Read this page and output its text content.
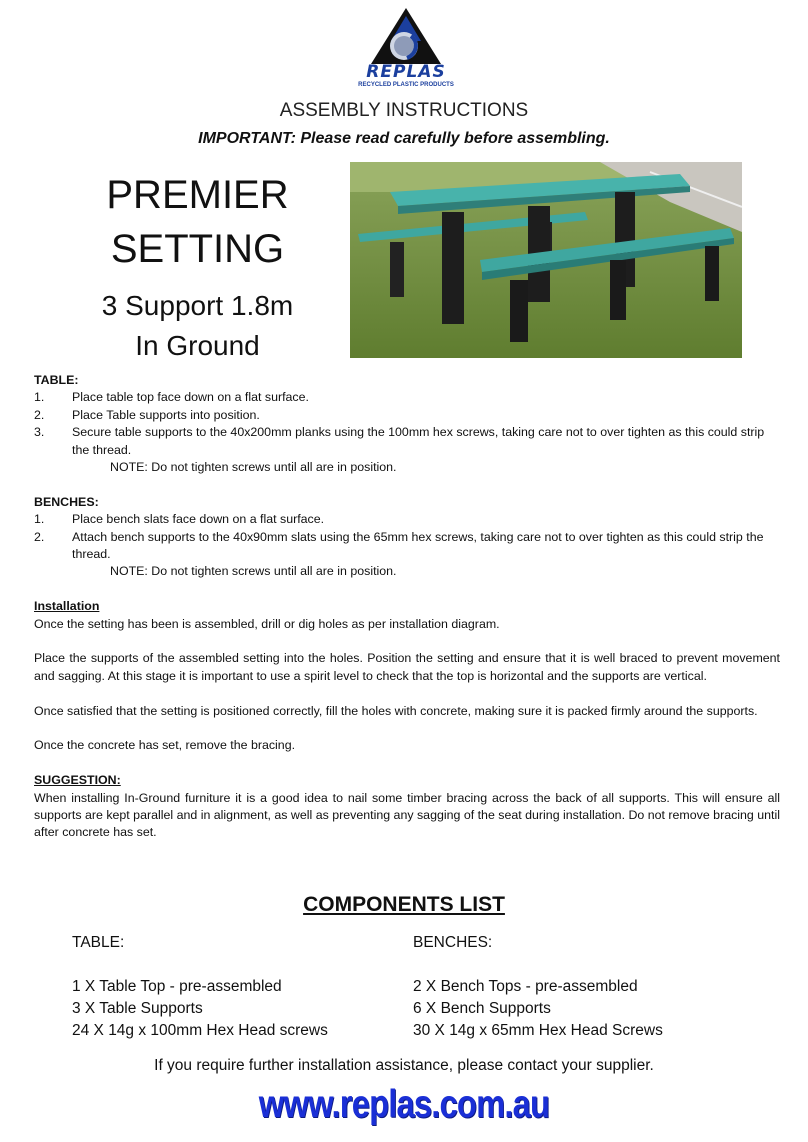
REPLAS
RECYCLED PLASTIC PRODUCTS
ASSEMBLY INSTRUCTIONS
IMPORTANT: Please read carefully before assembling.
PREMIER
SETTING
3 Support 1.8m
In Ground

TABLE:

1.	Place table top face down on a flat surface.
2.	Place Table supports into position.
3.	Secure table supports to the 40x200mm planks using the 100mm hex screws, taking care not to over tighten as this could strip the thread.

NOTE: Do not tighten screws until all are in position.

BENCHES:

1.	Place bench slats face down on a flat surface.
2.	Attach bench supports to the 40x90mm slats using the 65mm hex screws, taking care not to over tighten as this could strip the thread.

NOTE: Do not tighten screws until all are in position.

Installation

Once the setting has been is assembled, drill or dig holes as per installation diagram.

Place the supports of the assembled setting into the holes. Position the setting and ensure that it is well braced to prevent movement and sagging. At this stage it is important to use a spirit level to check that the top is horizontal and the supports are vertical.

Once satisfied that the setting is positioned correctly, fill the holes with concrete, making sure it is packed firmly around the supports.

Once the concrete has set, remove the bracing.

SUGGESTION:

When installing In-Ground furniture it is a good idea to nail some timber bracing across the back of all supports. This will ensure all supports are kept parallel and in alignment, as well as preventing any sagging of the seat during installation. Do not remove bracing until after concrete has set.

COMPONENTS LIST
TABLE:
1 X Table Top - pre-assembled
3 X Table Supports
24 X 14g x 100mm Hex Head screws
BENCHES:
2 X Bench Tops - pre-assembled
6 X Bench Supports
30 X 14g x 65mm Hex Head Screws
If you require further installation assistance, please contact your supplier.
www.replas.com.au
